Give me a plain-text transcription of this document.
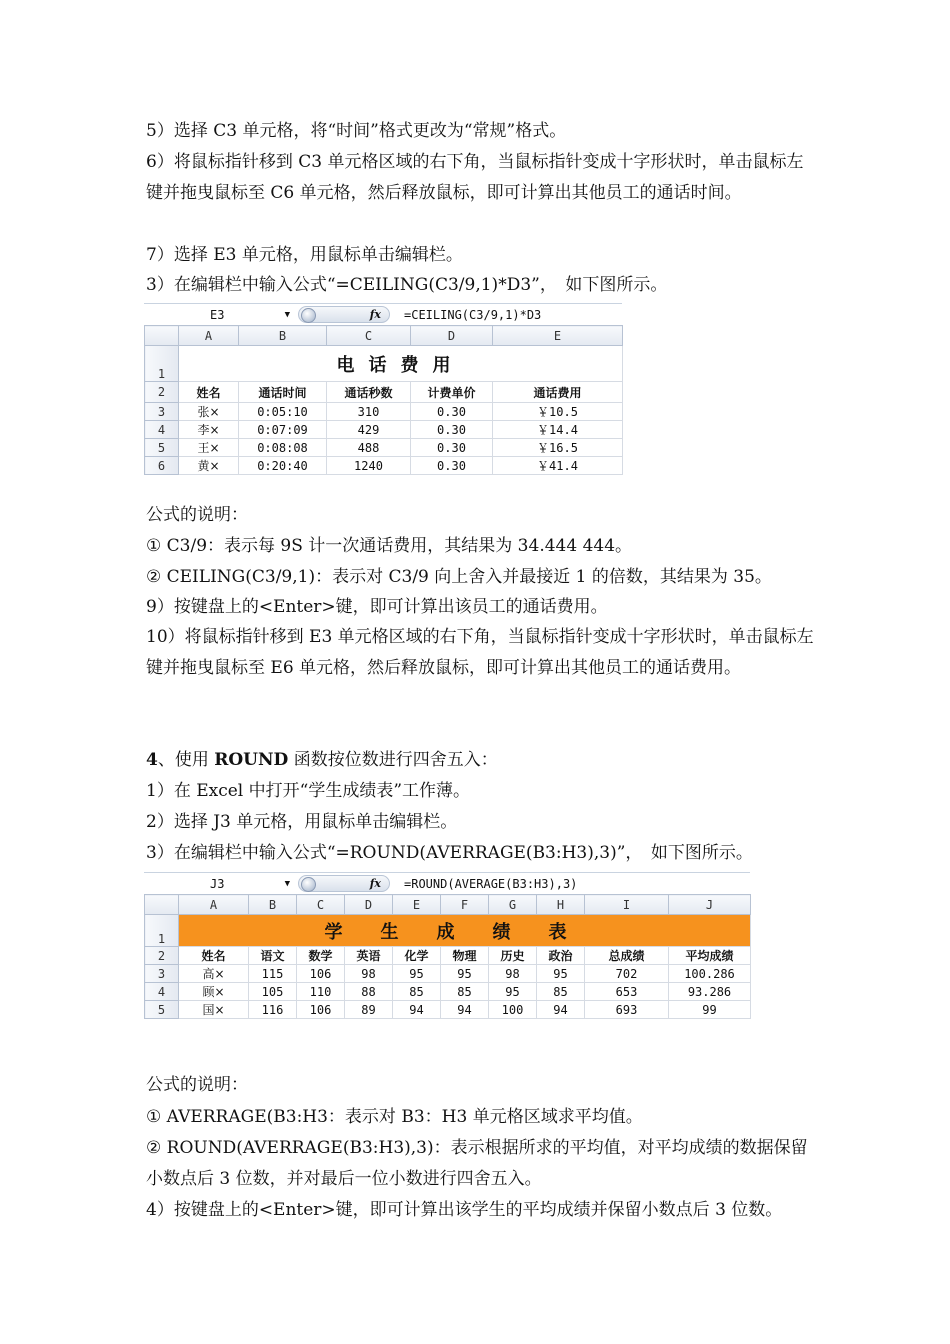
5）选择 C3 单元格，将“时间”格式更改为“常规”格式。

6）将鼠标指针移到 C3 单元格区域的右下角，当鼠标指针变成十字形状时，单击鼠标左键并拖曳鼠标至 C6 单元格，然后释放鼠标，即可计算出其他员工的通话时间。

7）选择 E3 单元格，用鼠标单击编辑栏。

3）在编辑栏中输入公式“=CEILING(C3/9,1)*D3”，　如下图所示。

E3	▼	fx	=CEILING(C3/9,1)*D3
	A	B	C	D	E
1	电话费用				
2	姓名	通话时间	通话秒数	计费单价	通话费用
3	张×	0:05:10	310	0.30	￥10.5
4	李×	0:07:09	429	0.30	￥14.4
5	王×	0:08:08	488	0.30	￥16.5
6	黄×	0:20:40	1240	0.30	￥41.4

公式的说明：

① C3/9：表示每 9S 计一次通话费用，其结果为 34.444 444。

② CEILING(C3/9,1)：表示对 C3/9 向上舍入并最接近 1 的倍数，其结果为 35。

9）按键盘上的<Enter>键，即可计算出该员工的通话费用。

10）将鼠标指针移到 E3 单元格区域的右下角，当鼠标指针变成十字形状时，单击鼠标左键并拖曳鼠标至 E6 单元格，然后释放鼠标，即可计算出其他员工的通话费用。

4、使用 ROUND 函数按位数进行四舍五入：

1）在 Excel 中打开“学生成绩表”工作薄。

2）选择 J3 单元格，用鼠标单击编辑栏。

3）在编辑栏中输入公式“=ROUND(AVERRAGE(B3:H3),3)”，　如下图所示。

J3	▼	fx	=ROUND(AVERAGE(B3:H3),3)
	A	B	C	D	E	F	G	H	I	J
1	学生成绩表									
2	姓名	语文	数学	英语	化学	物理	历史	政治	总成绩	平均成绩
3	高×	115	106	98	95	95	98	95	702	100.286
4	顾×	105	110	88	85	85	95	85	653	93.286
5	国×	116	106	89	94	94	100	94	693	99

公式的说明：

① AVERRAGE(B3:H3：表示对 B3：H3 单元格区域求平均值。

② ROUND(AVERRAGE(B3:H3),3)：表示根据所求的平均值，对平均成绩的数据保留小数点后 3 位数，并对最后一位小数进行四舍五入。

4）按键盘上的<Enter>键，即可计算出该学生的平均成绩并保留小数点后 3 位数。
